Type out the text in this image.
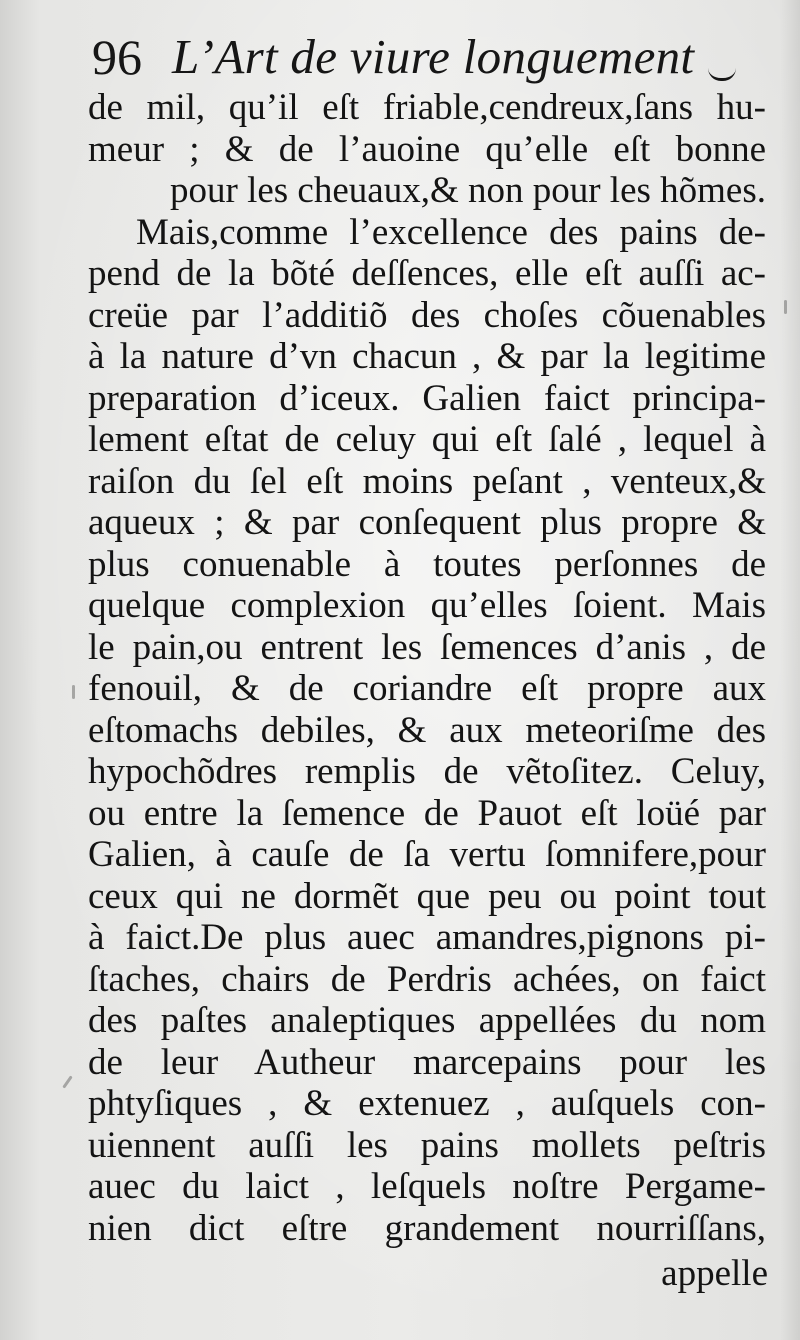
96 L’Art de viure longuement
de mil, qu’il eſt friable,cendreux,ſans hu-
meur ; & de l’auoine qu’elle eſt bonne
pour les cheuaux,& non pour les hõmes.
Mais,comme l’excellence des pains de-
pend de la bõté deſſences, elle eſt auſſi ac-
creüe par l’additiõ des choſes cõuenables
à la nature d’vn chacun , & par la legitime
preparation d’iceux. Galien faict principa-
lement eſtat de celuy qui eſt ſalé , lequel à
raiſon du ſel eſt moins peſant , venteux,&
aqueux ; & par conſequent plus propre &
plus conuenable à toutes perſonnes de
quelque complexion qu’elles ſoient. Mais
le pain,ou entrent les ſemences d’anis , de
fenouil, & de coriandre eſt propre aux
eſtomachs debiles, & aux meteoriſme des
hypochõdres remplis de vẽtoſitez. Celuy,
ou entre la ſemence de Pauot eſt loüé par
Galien, à cauſe de ſa vertu ſomnifere,pour
ceux qui ne dormẽt que peu ou point tout
à faict.De plus auec amandres,pignons pi-
ſtaches, chairs de Perdris achées, on faict
des paſtes analeptiques appellées du nom
de leur Autheur marcepains pour les
phtyſiques , & extenuez , auſquels con-
uiennent auſſi les pains mollets peſtris
auec du laict , leſquels noſtre Pergame-
nien dict eſtre grandement nourriſſans,
appelle
